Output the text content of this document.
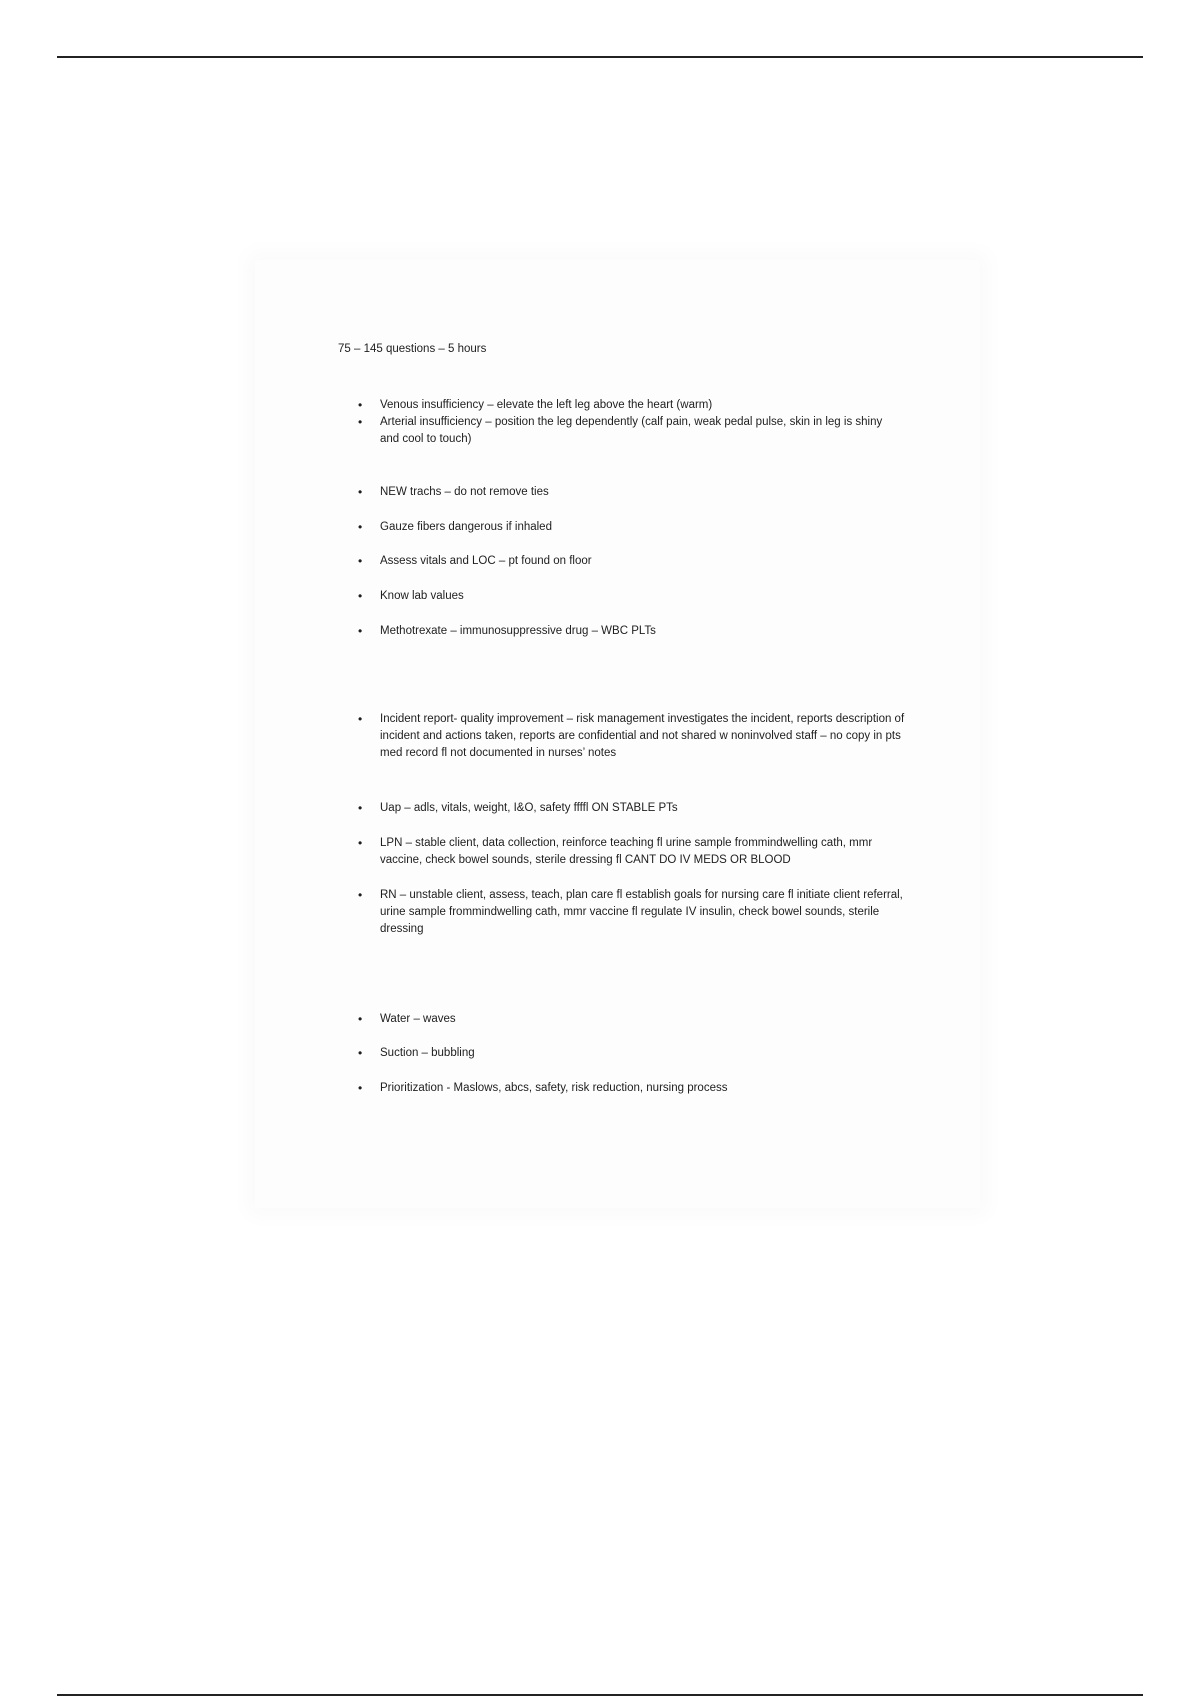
75 – 145 questions – 5 hours
• Venous insufficiency – elevate the left leg above the heart (warm)
• Arterial insufficiency – position the leg dependently (calf pain, weak pedal pulse, skin in leg is shiny and cool to touch)
• NEW trachs – do not remove ties
• Gauze fibers dangerous if inhaled
• Assess vitals and LOC – pt found on floor
• Know lab values
• Methotrexate – immunosuppressive drug – WBC PLTs
• Incident report- quality improvement – risk management investigates the incident, reports description of incident and actions taken, reports are confidential and not shared w noninvolved staff – no copy in pts med record fl not documented in nurses’ notes
• Uap – adls, vitals, weight, I&O, safety ffffl ON STABLE PTs
• LPN – stable client, data collection, reinforce teaching fl urine sample frommindwelling cath, mmr vaccine, check bowel sounds, sterile dressing fl CANT DO IV MEDS OR BLOOD
• RN – unstable client, assess, teach, plan care fl establish goals for nursing care fl initiate client referral, urine sample frommindwelling cath, mmr vaccine fl regulate IV insulin, check bowel sounds, sterile dressing
• Water – waves
• Suction – bubbling
• Prioritization - Maslows, abcs, safety, risk reduction, nursing process
